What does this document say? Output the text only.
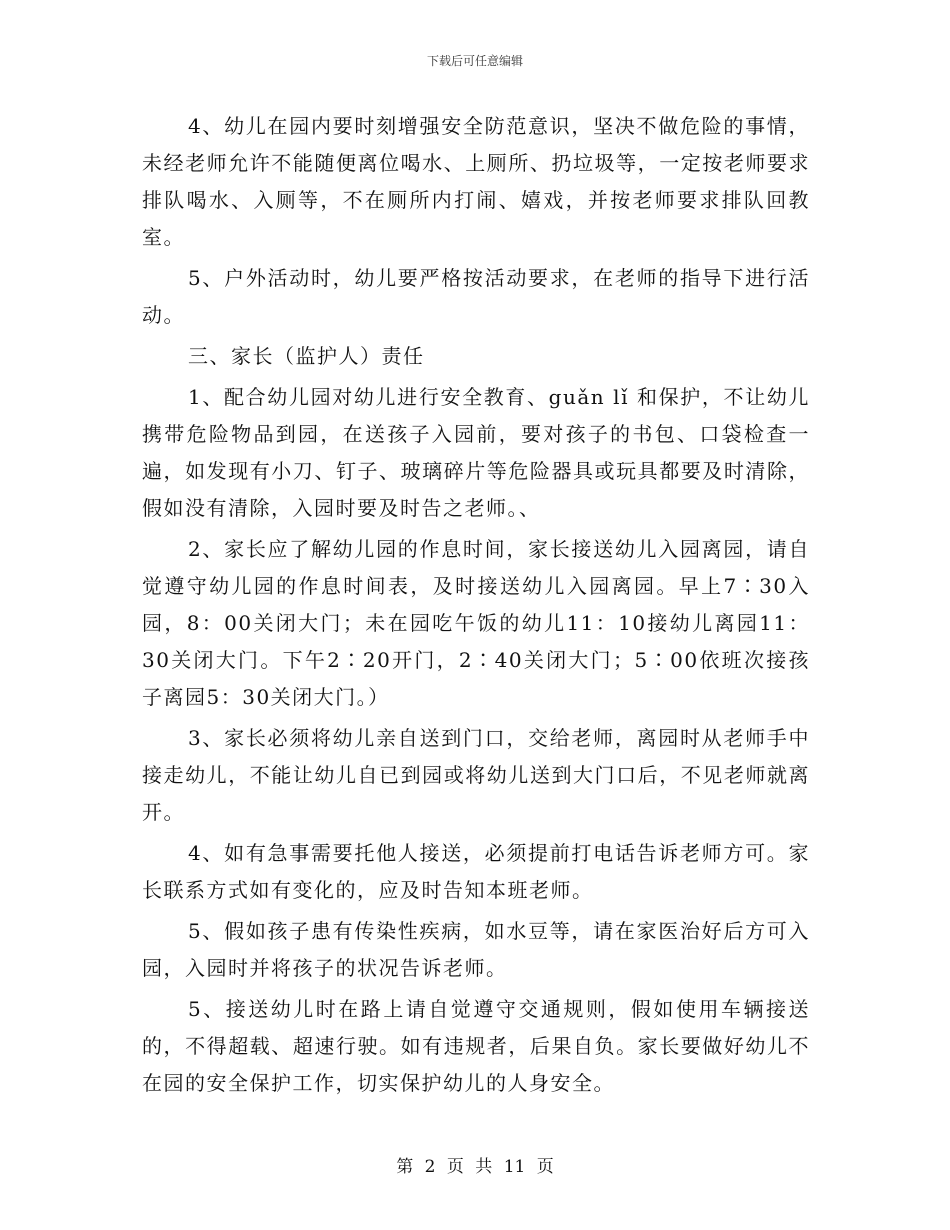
下载后可任意编辑

4、幼儿在园内要时刻增强安全防范意识，坚决不做危险的事情，未经老师允许不能随便离位喝水、上厕所、扔垃圾等，一定按老师要求排队喝水、入厕等，不在厕所内打闹、嬉戏，并按老师要求排队回教室。

5、户外活动时，幼儿要严格按活动要求，在老师的指导下进行活动。

三、家长（监护人）责任

1、配合幼儿园对幼儿进行安全教育、guǎn lǐ 和保护，不让幼儿携带危险物品到园，在送孩子入园前，要对孩子的书包、口袋检查一遍，如发现有小刀、钉子、玻璃碎片等危险器具或玩具都要及时清除，假如没有清除，入园时要及时告之老师。、

2、家长应了解幼儿园的作息时间，家长接送幼儿入园离园，请自觉遵守幼儿园的作息时间表，及时接送幼儿入园离园。早上7∶30入园，8：00关闭大门；未在园吃午饭的幼儿11：10接幼儿离园11：30关闭大门。下午2∶20开门，2∶40关闭大门；5∶00依班次接孩子离园5：30关闭大门。）

3、家长必须将幼儿亲自送到门口，交给老师，离园时从老师手中接走幼儿，不能让幼儿自已到园或将幼儿送到大门口后，不见老师就离开。

4、如有急事需要托他人接送，必须提前打电话告诉老师方可。家长联系方式如有变化的，应及时告知本班老师。

5、假如孩子患有传染性疾病，如水豆等，请在家医治好后方可入园，入园时并将孩子的状况告诉老师。

5、接送幼儿时在路上请自觉遵守交通规则，假如使用车辆接送的，不得超载、超速行驶。如有违规者，后果自负。家长要做好幼儿不在园的安全保护工作，切实保护幼儿的人身安全。

第 2 页 共 11 页
